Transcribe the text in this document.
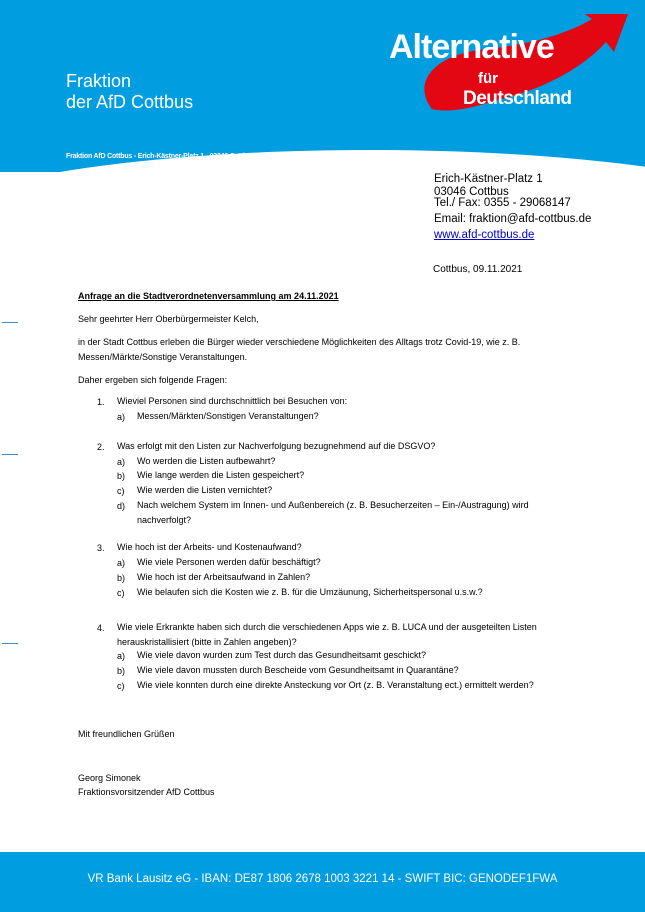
Fraktion
der AfD Cottbus
Fraktion AfD Cottbus - Erich-Kästner-Platz 1 - 03046 Cottbus
Alternative
für
Deutschland
Erich-Kästner-Platz 1
03046 Cottbus
Tel./ Fax: 0355 - 29068147
Email: fraktion@afd-cottbus.de
www.afd-cottbus.de
Cottbus, 09.11.2021
Anfrage an die Stadtverordnetenversammlung am 24.11.2021
Sehr geehrter Herr Oberbürgermeister Kelch,
in der Stadt Cottbus erleben die Bürger wieder verschiedene Möglichkeiten des Alltags trotz Covid-19, wie z. B. Messen/Märkte/Sonstige Veranstaltungen.
Daher ergeben sich folgende Fragen:
1. Wieviel Personen sind durchschnittlich bei Besuchen von:
a) Messen/Märkten/Sonstigen Veranstaltungen?
2. Was erfolgt mit den Listen zur Nachverfolgung bezugnehmend auf die DSGVO?
a) Wo werden die Listen aufbewahrt?
b) Wie lange werden die Listen gespeichert?
c) Wie werden die Listen vernichtet?
d) Nach welchem System im Innen- und Außenbereich (z. B. Besucherzeiten – Ein-/Austragung) wird nachverfolgt?
3. Wie hoch ist der Arbeits- und Kostenaufwand?
a) Wie viele Personen werden dafür beschäftigt?
b) Wie hoch ist der Arbeitsaufwand in Zahlen?
c) Wie belaufen sich die Kosten wie z. B. für die Umzäunung, Sicherheitspersonal u.s.w.?
4. Wie viele Erkrankte haben sich durch die verschiedenen Apps wie z. B. LUCA und der ausgeteilten Listen herauskristallisiert (bitte in Zahlen angeben)?
a) Wie viele davon wurden zum Test durch das Gesundheitsamt geschickt?
b) Wie viele davon mussten durch Bescheide vom Gesundheitsamt in Quarantäne?
c) Wie viele konnten durch eine direkte Ansteckung vor Ort (z. B. Veranstaltung ect.) ermittelt werden?
Mit freundlichen Grüßen
Georg Simonek
Fraktionsvorsitzender AfD Cottbus
VR Bank Lausitz eG - IBAN: DE87 1806 2678 1003 3221 14 - SWIFT BIC: GENODEF1FWA
